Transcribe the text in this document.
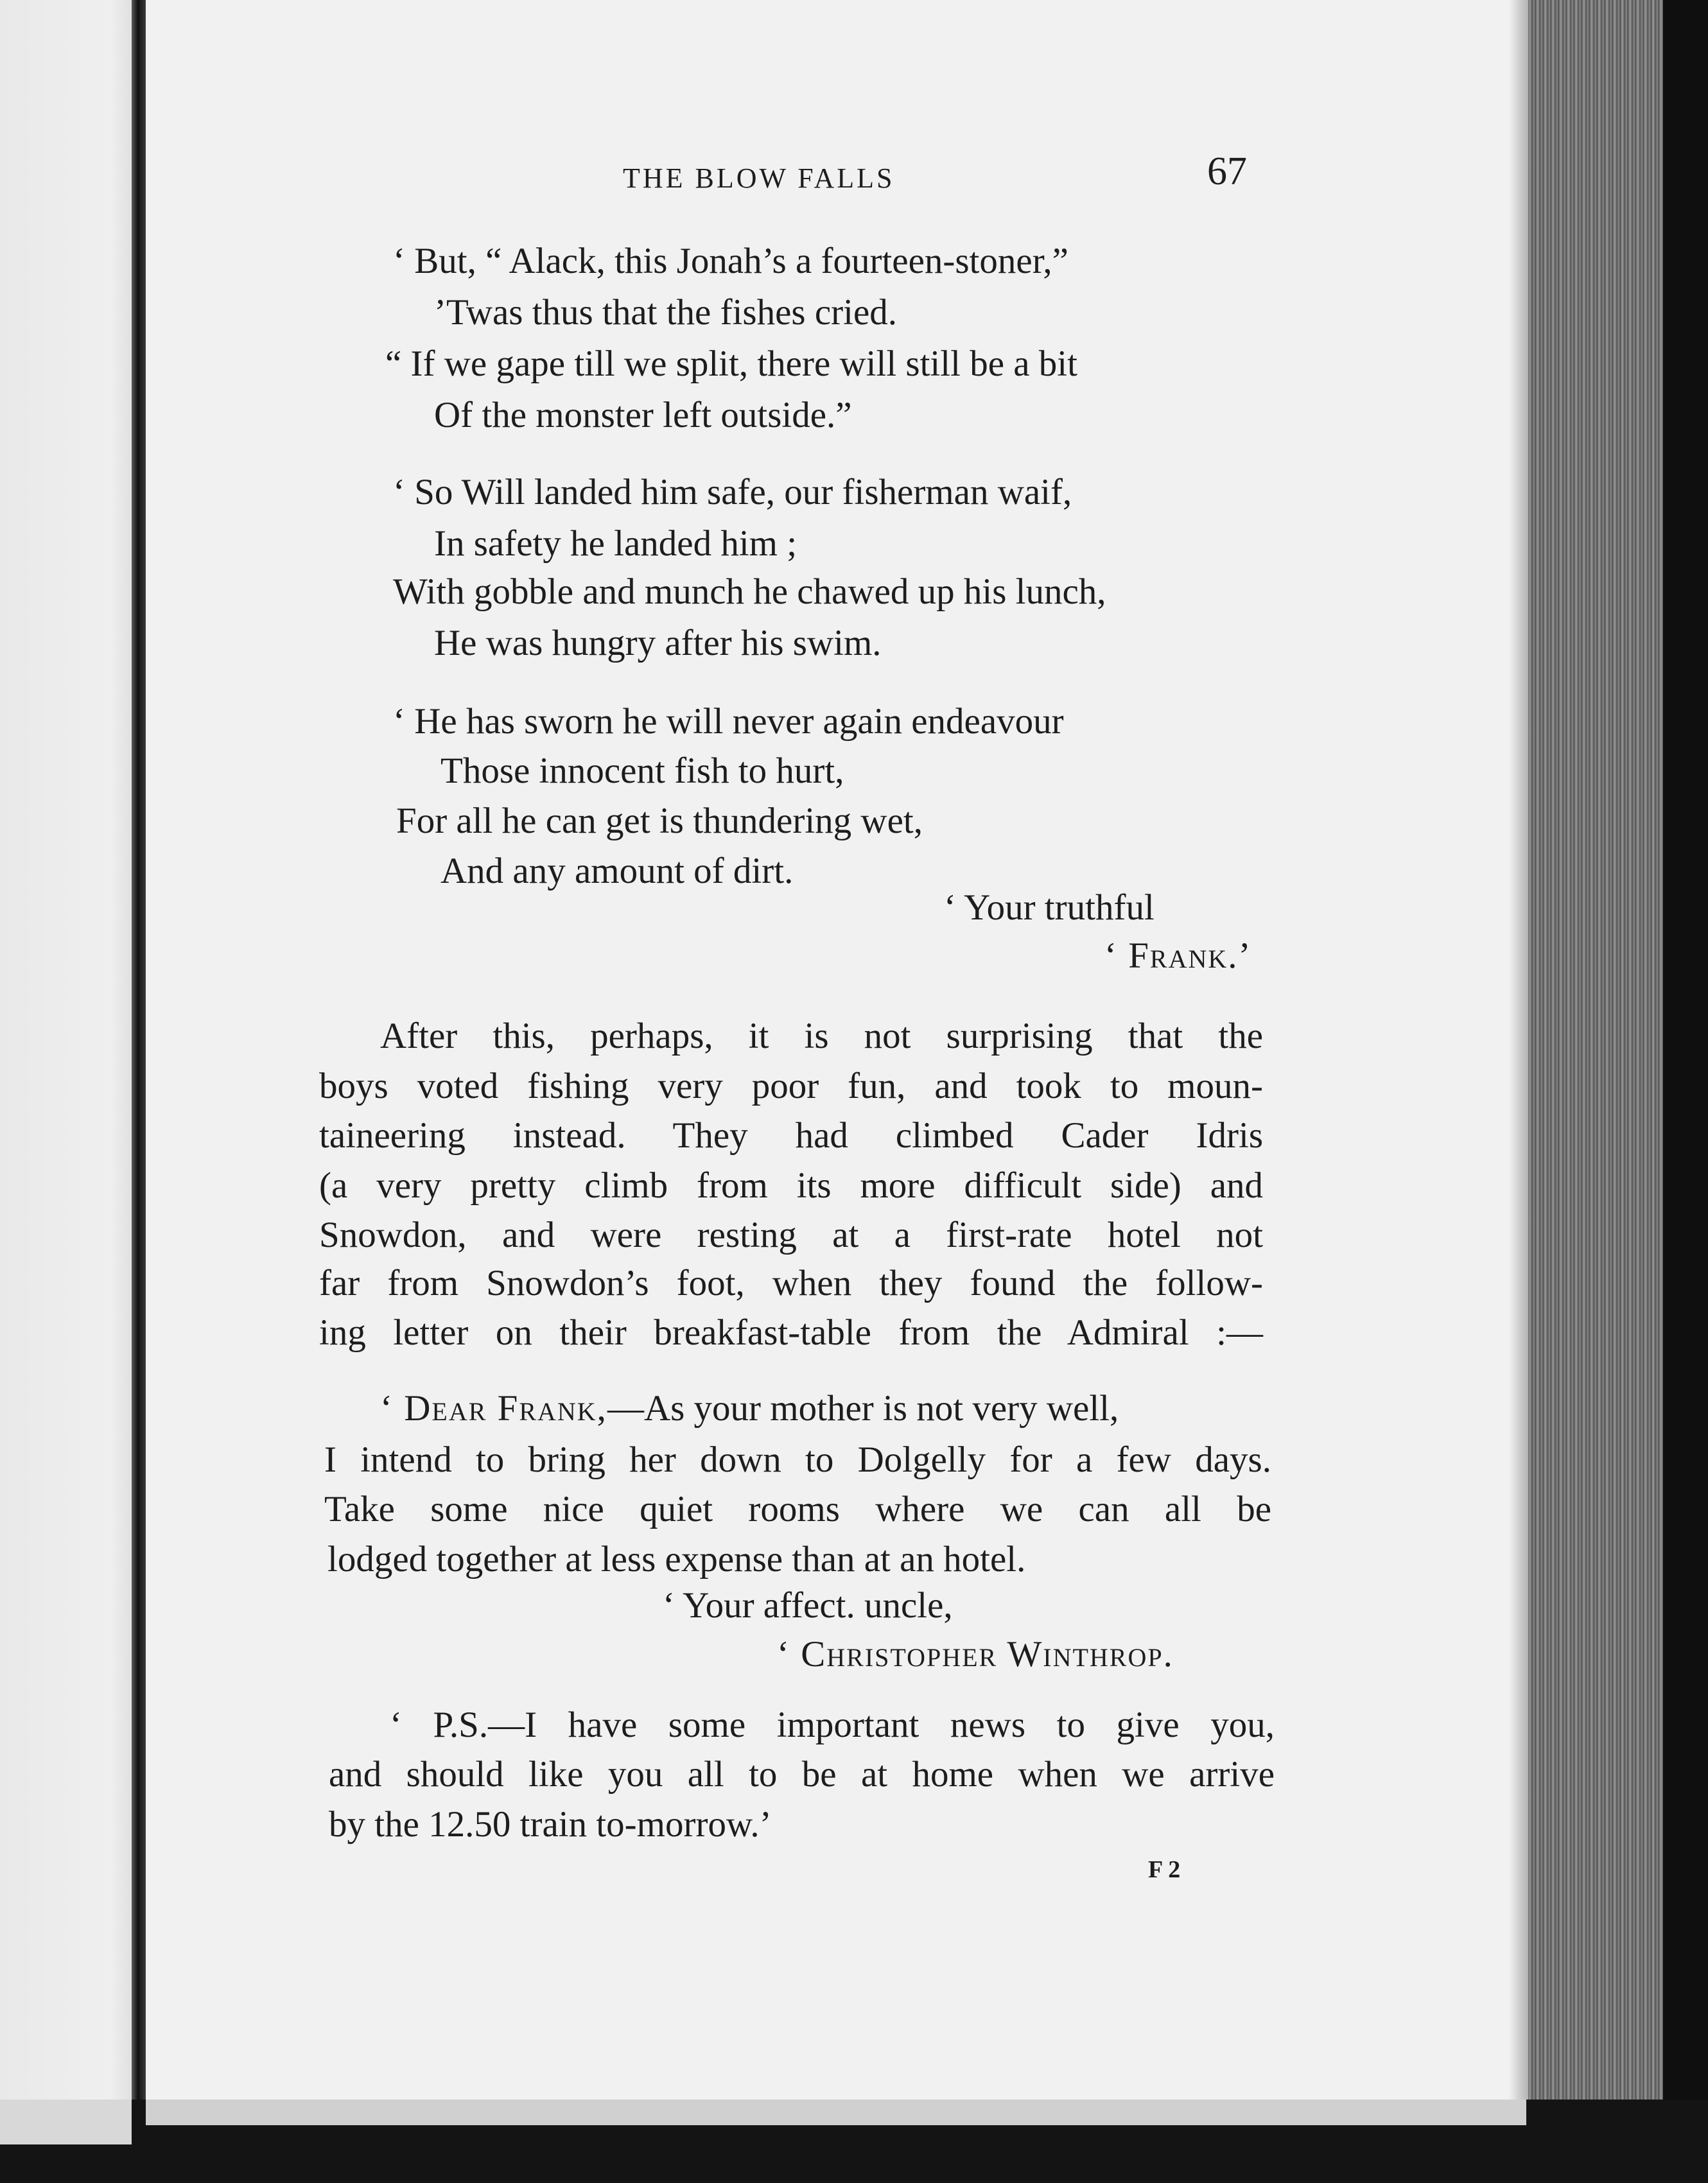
THE BLOW FALLS	67
‘ But, “ Alack, this Jonah’s a fourteen-stoner,”
’Twas thus that the fishes cried.
“ If we gape till we split, there will still be a bit
Of the monster left outside.”
‘ So Will landed him safe, our fisherman waif,
In safety he landed him ;
With gobble and munch he chawed up his lunch,
He was hungry after his swim.
‘ He has sworn he will never again endeavour
Those innocent fish to hurt,
For all he can get is thundering wet,
And any amount of dirt.
‘ Your truthful
‘ Frank.’
After this, perhaps, it is not surprising that the
boys voted fishing very poor fun, and took to moun-
taineering instead. They had climbed Cader Idris
(a very pretty climb from its more difficult side) and
Snowdon, and were resting at a first-rate hotel not
far from Snowdon’s foot, when they found the follow-
ing letter on their breakfast-table from the Admiral :—
‘ Dear Frank,—As your mother is not very well,
I intend to bring her down to Dolgelly for a few days.
Take some nice quiet rooms where we can all be
lodged together at less expense than at an hotel.
‘ Your affect. uncle,
‘ Christopher Winthrop.
‘ P.S.—I have some important news to give you,
and should like you all to be at home when we arrive
by the 12.50 train to-morrow.’
F 2
